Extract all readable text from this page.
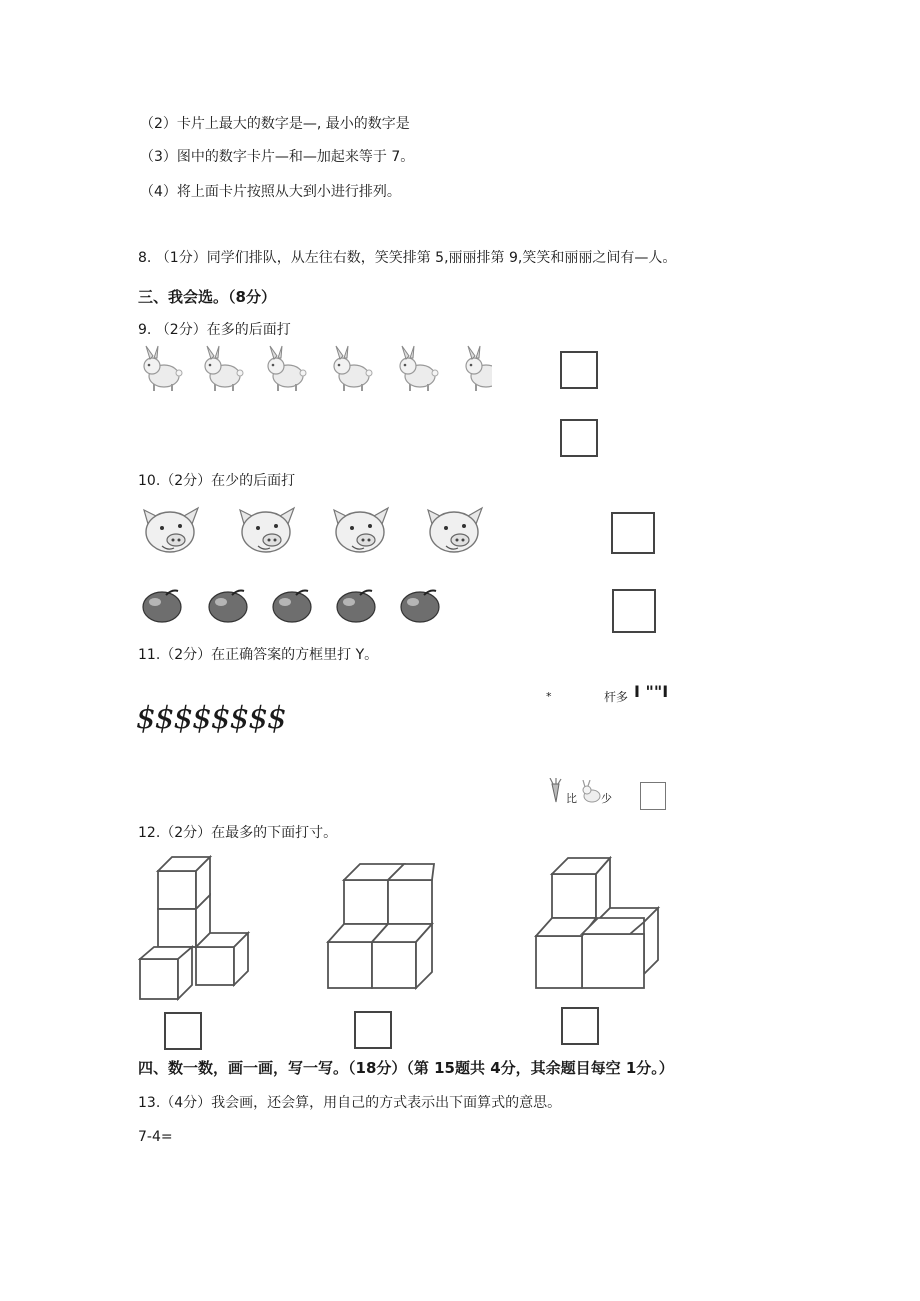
（2）卡片上最大的数字是—, 最小的数字是
（3）图中的数字卡片—和—加起来等于 7。
（4）将上面卡片按照从大到小进行排列。
8. （1分）同学们排队，从左往右数，笑笑排第 5,丽丽排第 9,笑笑和丽丽之间有—人。
三、我会选。（8分）
9. （2分）在多的后面打
10.（2分）在少的后面打
11.（2分）在正确答案的方框里打 Y。
*	杆多 I ""I
$$$$$$$$
比 少
12.（2分）在最多的下面打寸。
四、数一数，画一画，写一写。（18分）（第 15题共 4分，其余题目每空 1分。）
13.（4分）我会画，还会算，用自己的方式表示出下面算式的意思。
7-4=
